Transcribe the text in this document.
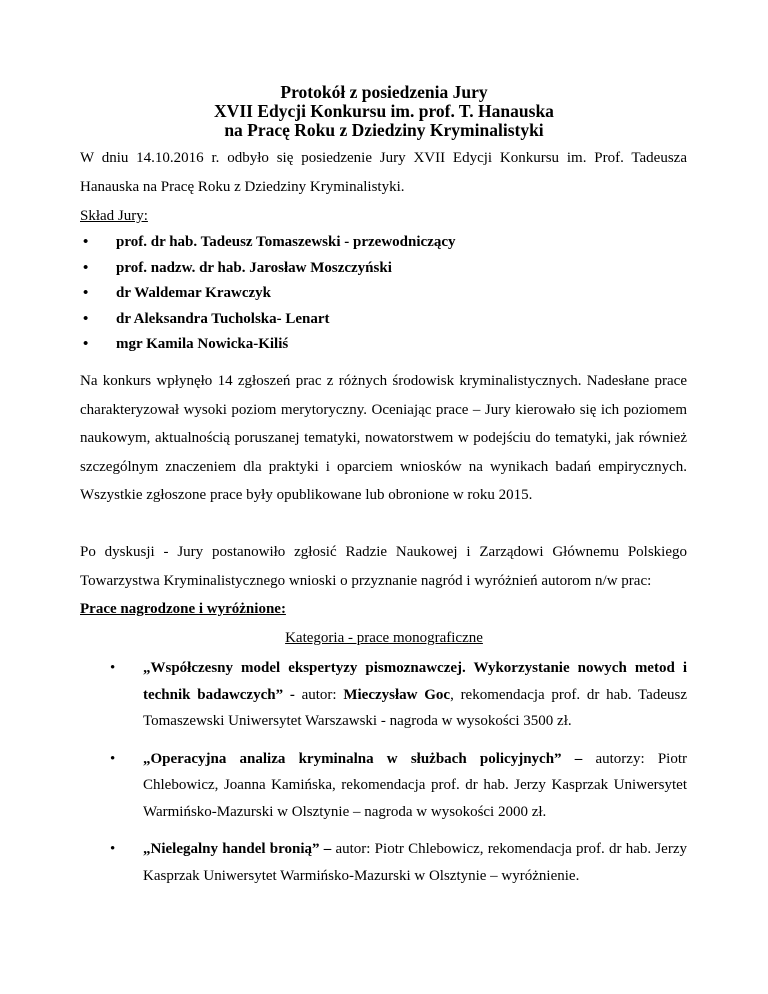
Protokół z posiedzenia Jury
XVII Edycji Konkursu im. prof. T. Hanauska
na Pracę Roku z Dziedziny Kryminalistyki
W dniu 14.10.2016 r. odbyło się posiedzenie Jury XVII Edycji Konkursu im. Prof. Tadeusza Hanauska na Pracę Roku z Dziedziny Kryminalistyki.
Skład Jury:
• prof. dr hab. Tadeusz Tomaszewski - przewodniczący
• prof. nadzw. dr hab. Jarosław Moszczyński
• dr Waldemar Krawczyk
• dr Aleksandra Tucholska- Lenart
• mgr Kamila Nowicka-Kiliś
Na konkurs wpłynęło 14 zgłoszeń prac z różnych środowisk kryminalistycznych. Nadesłane prace charakteryzował wysoki poziom merytoryczny. Oceniając prace – Jury kierowało się ich poziomem naukowym, aktualnością poruszanej tematyki, nowatorstwem w podejściu do tematyki, jak również szczególnym znaczeniem dla praktyki i oparciem wniosków na wynikach badań empirycznych. Wszystkie zgłoszone prace były opublikowane lub obronione w roku 2015.
Po dyskusji - Jury postanowiło zgłosić Radzie Naukowej i Zarządowi Głównemu Polskiego Towarzystwa Kryminalistycznego wnioski o przyznanie nagród i wyróżnień autorom n/w prac:
Prace nagrodzone i wyróżnione:
Kategoria - prace monograficzne
• „Współczesny model ekspertyzy pismoznawczej. Wykorzystanie nowych metod i technik badawczych” - autor: Mieczysław Goc, rekomendacja prof. dr hab. Tadeusz Tomaszewski Uniwersytet Warszawski - nagroda w wysokości 3500 zł.
• „Operacyjna analiza kryminalna w służbach policyjnych” – autorzy: Piotr Chlebowicz, Joanna Kamińska, rekomendacja prof. dr hab. Jerzy Kasprzak Uniwersytet Warmińsko-Mazurski w Olsztynie – nagroda w wysokości 2000 zł.
• „Nielegalny handel bronią” – autor: Piotr Chlebowicz, rekomendacja prof. dr hab. Jerzy Kasprzak Uniwersytet Warmińsko-Mazurski w Olsztynie – wyróżnienie.
